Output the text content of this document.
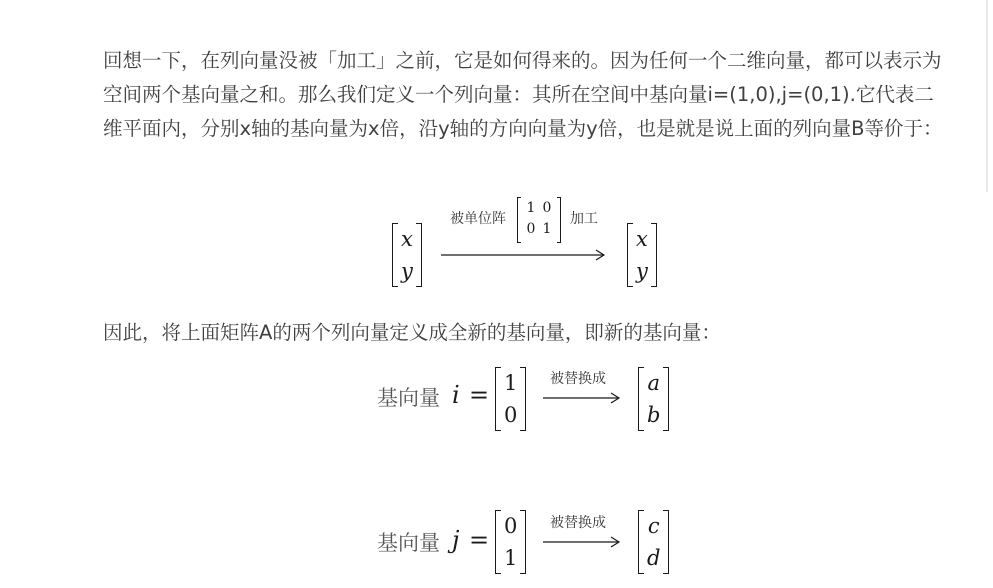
回想一下，在列向量没被「加工」之前，它是如何得来的。因为任何一个二维向量，都可以表示为空间两个基向量之和。那么我们定义一个列向量：其所在空间中基向量i=(1,0),j=(0,1).它代表二维平面内，分别x轴的基向量为x倍，沿y轴的方向向量为y倍，也是就是说上面的列向量B等价于：

x
y
被单位阵
1 0
0 1
加工
x
y

因此，将上面矩阵A的两个列向量定义成全新的基向量，即新的基向量：

基向量 i = 1
0
被替换成 a
b
基向量 j = 0
1
被替换成 c
d
